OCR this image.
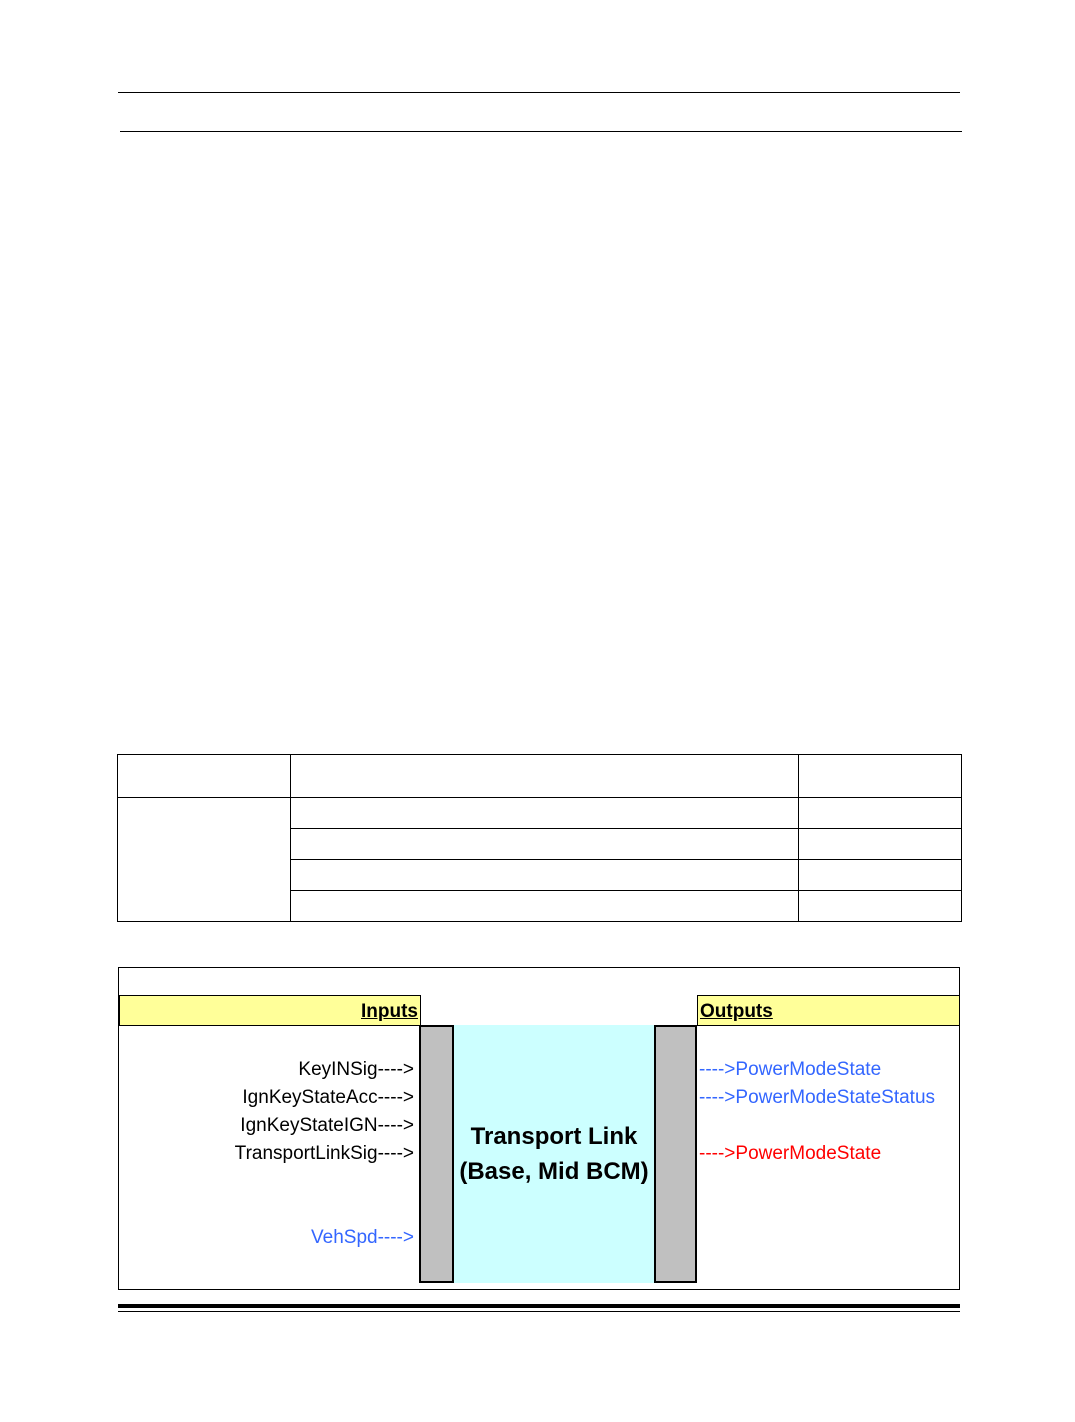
Inputs	Outputs
Transport Link
(Base, Mid BCM)
KeyINSig---->
IgnKeyStateAcc---->
IgnKeyStateIGN---->
TransportLinkSig---->
VehSpd---->
---->PowerModeState
---->PowerModeStateStatus
---->PowerModeState
